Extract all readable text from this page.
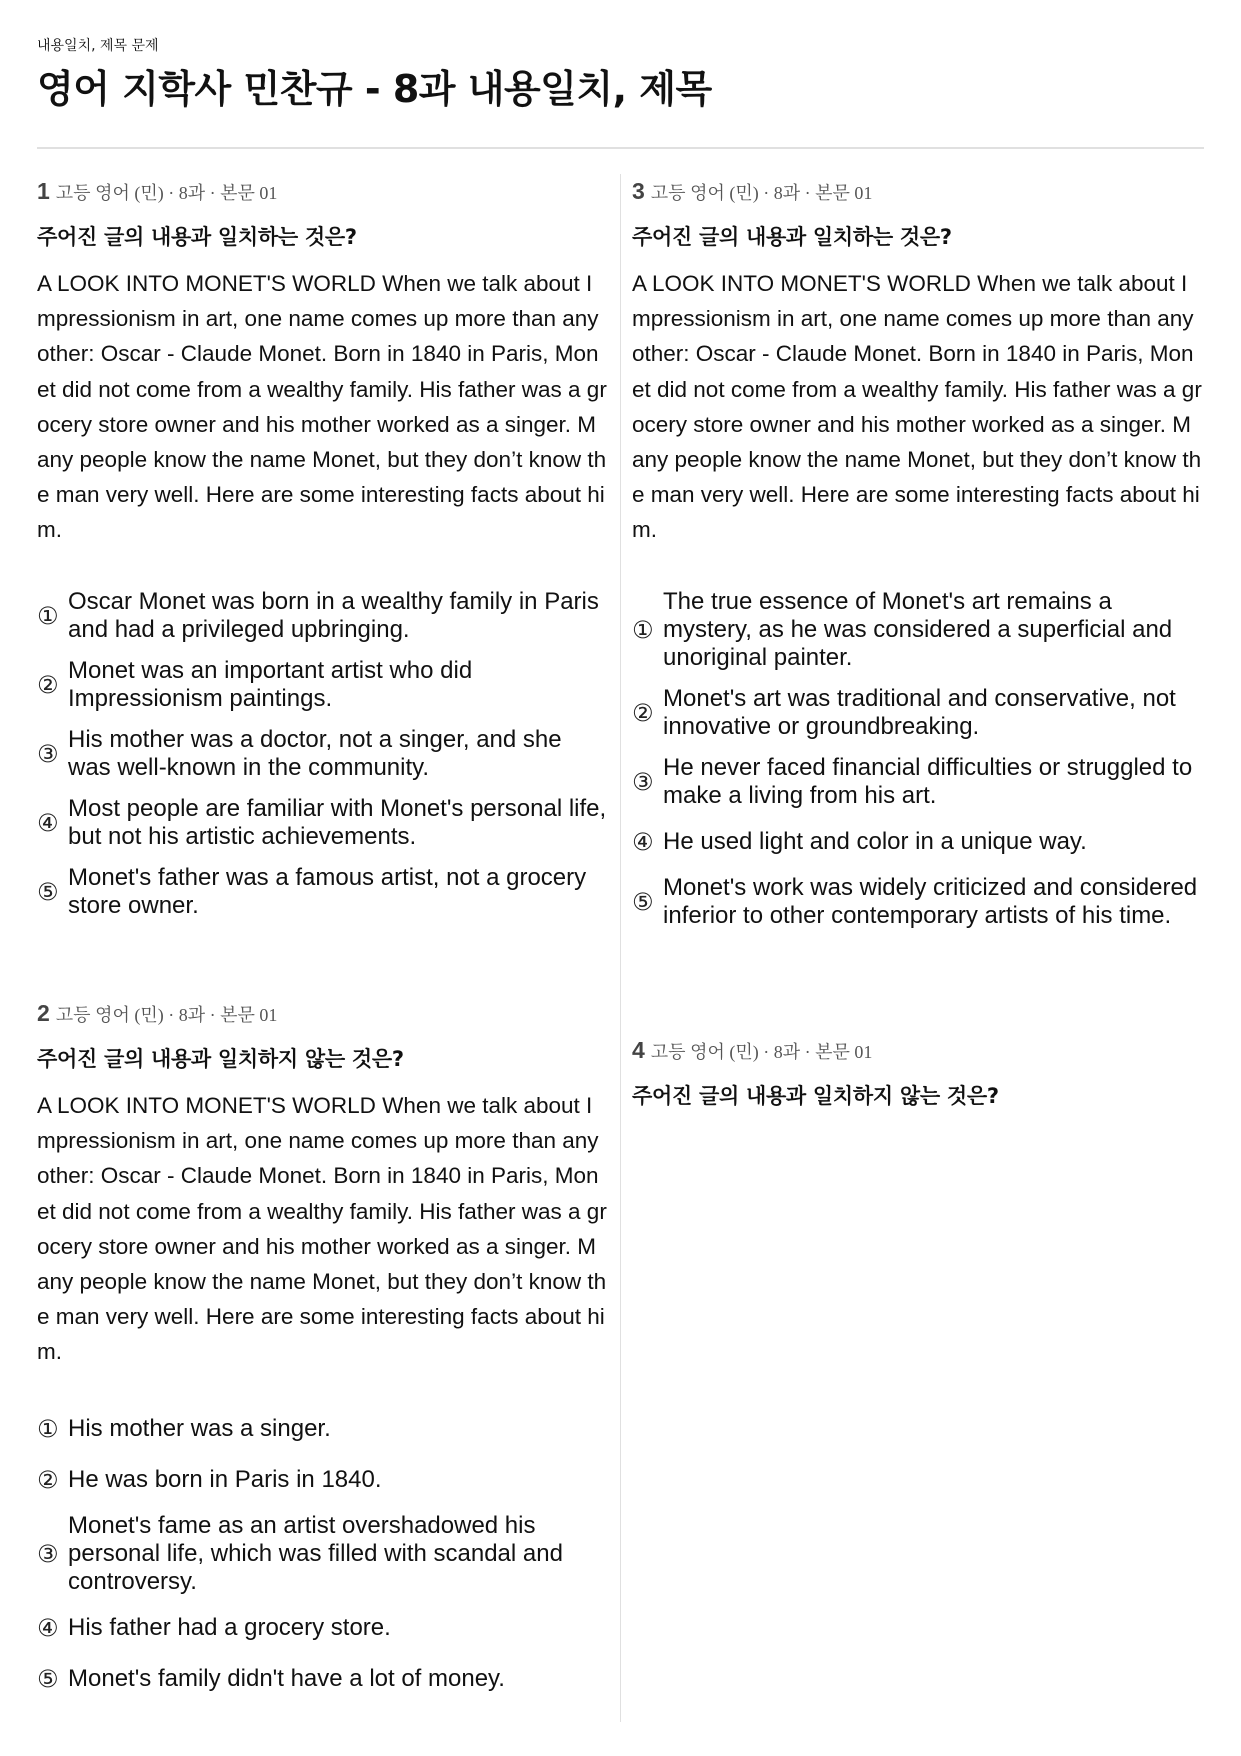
내용일치, 제목 문제
영어 지학사 민찬규 - 8과 내용일치, 제목
1 고등 영어 (민) · 8과 · 본문 01
주어진 글의 내용과 일치하는 것은?
A LOOK INTO MONET'S WORLD When we talk about Impressionism in art, one name comes up more than any other: Oscar - Claude Monet. Born in 1840 in Paris, Monet did not come from a wealthy family. His father was a grocery store owner and his mother worked as a singer. Many people know the name Monet, but they don’t know the man very well. Here are some interesting facts about him.
①
Oscar Monet was born in a wealthy family in Paris and had a privileged upbringing.
②
Monet was an important artist who did Impressionism paintings.
③
His mother was a doctor, not a singer, and she was well-known in the community.
④
Most people are familiar with Monet's personal life, but not his artistic achievements.
⑤
Monet's father was a famous artist, not a grocery store owner.
2 고등 영어 (민) · 8과 · 본문 01
주어진 글의 내용과 일치하지 않는 것은?
A LOOK INTO MONET'S WORLD When we talk about Impressionism in art, one name comes up more than any other: Oscar - Claude Monet. Born in 1840 in Paris, Monet did not come from a wealthy family. His father was a grocery store owner and his mother worked as a singer. Many people know the name Monet, but they don’t know the man very well. Here are some interesting facts about him.
① His mother was a singer.
② He was born in Paris in 1840.
③
Monet's fame as an artist overshadowed his personal life, which was filled with scandal and controversy.
④ His father had a grocery store.
⑤ Monet's family didn't have a lot of money.
3 고등 영어 (민) · 8과 · 본문 01
주어진 글의 내용과 일치하는 것은?
A LOOK INTO MONET'S WORLD When we talk about Impressionism in art, one name comes up more than any other: Oscar - Claude Monet. Born in 1840 in Paris, Monet did not come from a wealthy family. His father was a grocery store owner and his mother worked as a singer. Many people know the name Monet, but they don’t know the man very well. Here are some interesting facts about him.
①
The true essence of Monet's art remains a mystery, as he was considered a superficial and unoriginal painter.
②
Monet's art was traditional and conservative, not innovative or groundbreaking.
③
He never faced financial difficulties or struggled to make a living from his art.
④ He used light and color in a unique way.
⑤
Monet's work was widely criticized and considered inferior to other contemporary artists of his time.
4 고등 영어 (민) · 8과 · 본문 01
주어진 글의 내용과 일치하지 않는 것은?
